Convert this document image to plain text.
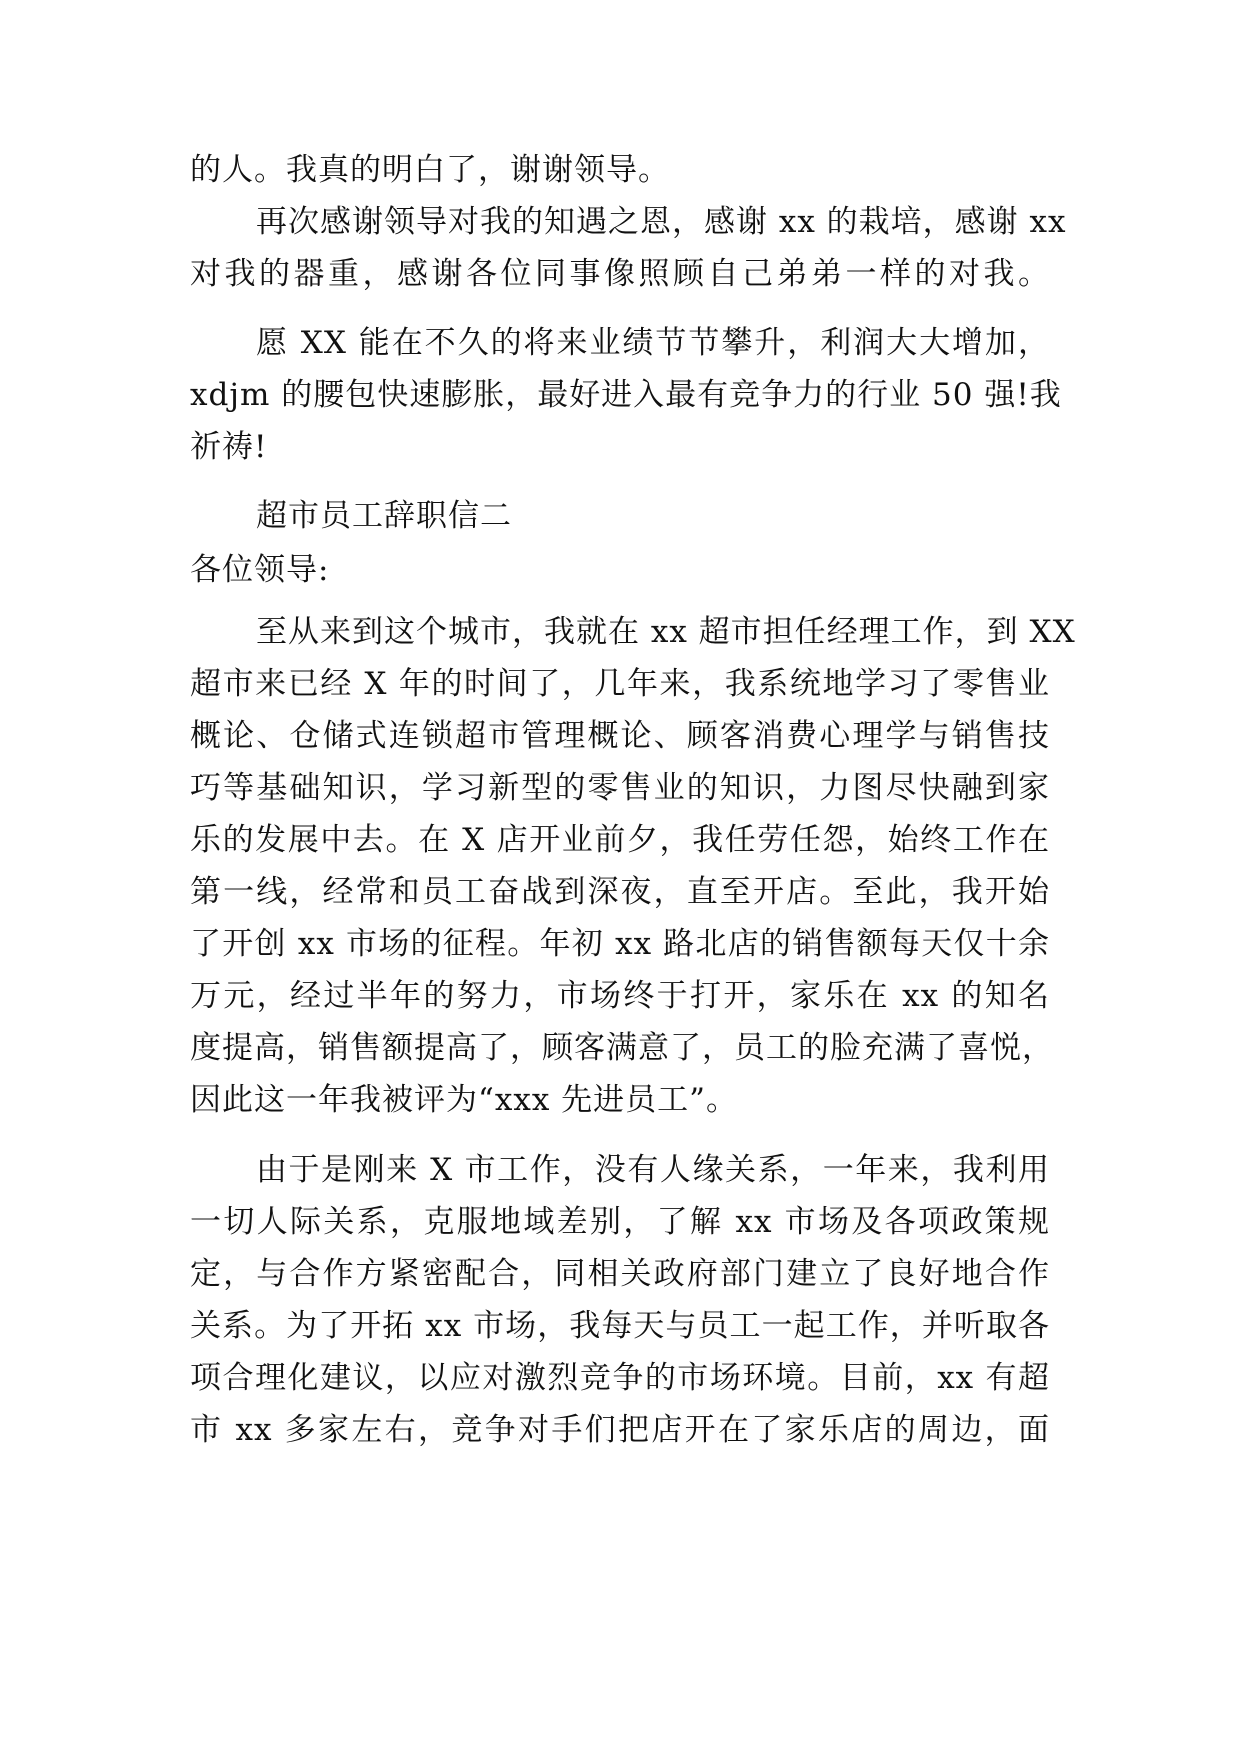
的人。我真的明白了，谢谢领导。
再次感谢领导对我的知遇之恩，感谢 xx 的栽培，感谢 xx
对我的器重，感谢各位同事像照顾自己弟弟一样的对我。
愿 XX 能在不久的将来业绩节节攀升，利润大大增加，
xdjm 的腰包快速膨胀，最好进入最有竞争力的行业 50 强!我
祈祷!
超市员工辞职信二
各位领导:
至从来到这个城市，我就在 xx 超市担任经理工作，到 XX
超市来已经 X 年的时间了，几年来，我系统地学习了零售业
概论、仓储式连锁超市管理概论、顾客消费心理学与销售技
巧等基础知识，学习新型的零售业的知识，力图尽快融到家
乐的发展中去。在 X 店开业前夕，我任劳任怨，始终工作在
第一线，经常和员工奋战到深夜，直至开店。至此，我开始
了开创 xx 市场的征程。年初 xx 路北店的销售额每天仅十余
万元，经过半年的努力，市场终于打开，家乐在 xx 的知名
度提高，销售额提高了，顾客满意了，员工的脸充满了喜悦，
因此这一年我被评为“xxx 先进员工”。
由于是刚来 X 市工作，没有人缘关系，一年来，我利用
一切人际关系，克服地域差别，了解 xx 市场及各项政策规
定，与合作方紧密配合，同相关政府部门建立了良好地合作
关系。为了开拓 xx 市场，我每天与员工一起工作，并听取各
项合理化建议，以应对激烈竞争的市场环境。目前，xx 有超
市 xx 多家左右，竞争对手们把店开在了家乐店的周边，面
